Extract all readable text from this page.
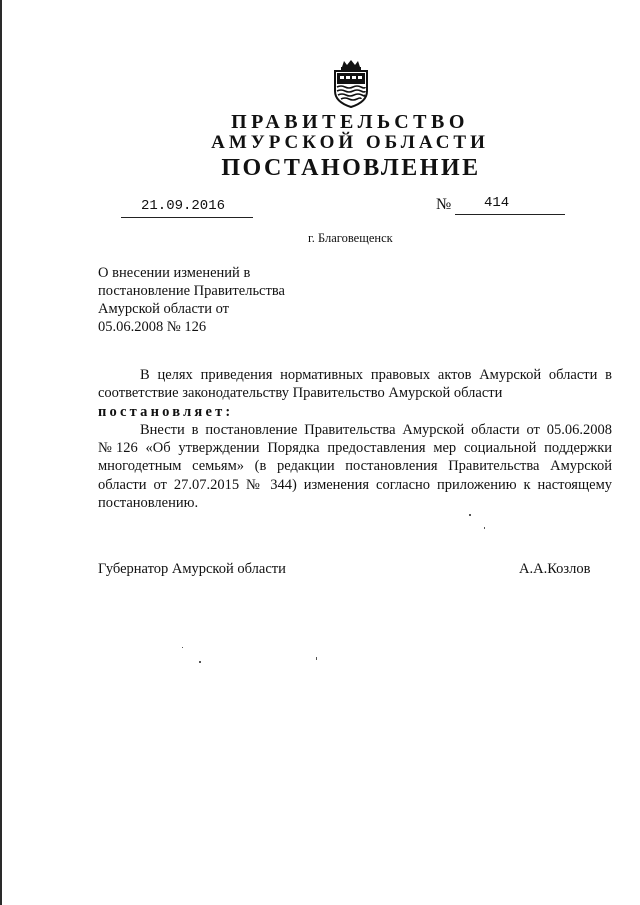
ПРАВИТЕЛЬСТВО
АМУРСКОЙ ОБЛАСТИ
ПОСТАНОВЛЕНИЕ
21.09.2016	№ 414
г. Благовещенск
О внесении изменений в
постановление Правительства
Амурской области от
05.06.2008 № 126

В целях приведения нормативных правовых актов Амурской области в соответствие законодательству Правительство Амурской области

постановляет:

Внести в постановление Правительства Амурской области от 05.06.2008 №126 «Об утверждении Порядка предоставления мер социальной поддержки многодетным семьям» (в редакции постановления Правительства Амурской области от 27.07.2015 № 344) изменения согласно приложению к настоящему постановлению.

Губернатор Амурской области	А.А.Козлов
